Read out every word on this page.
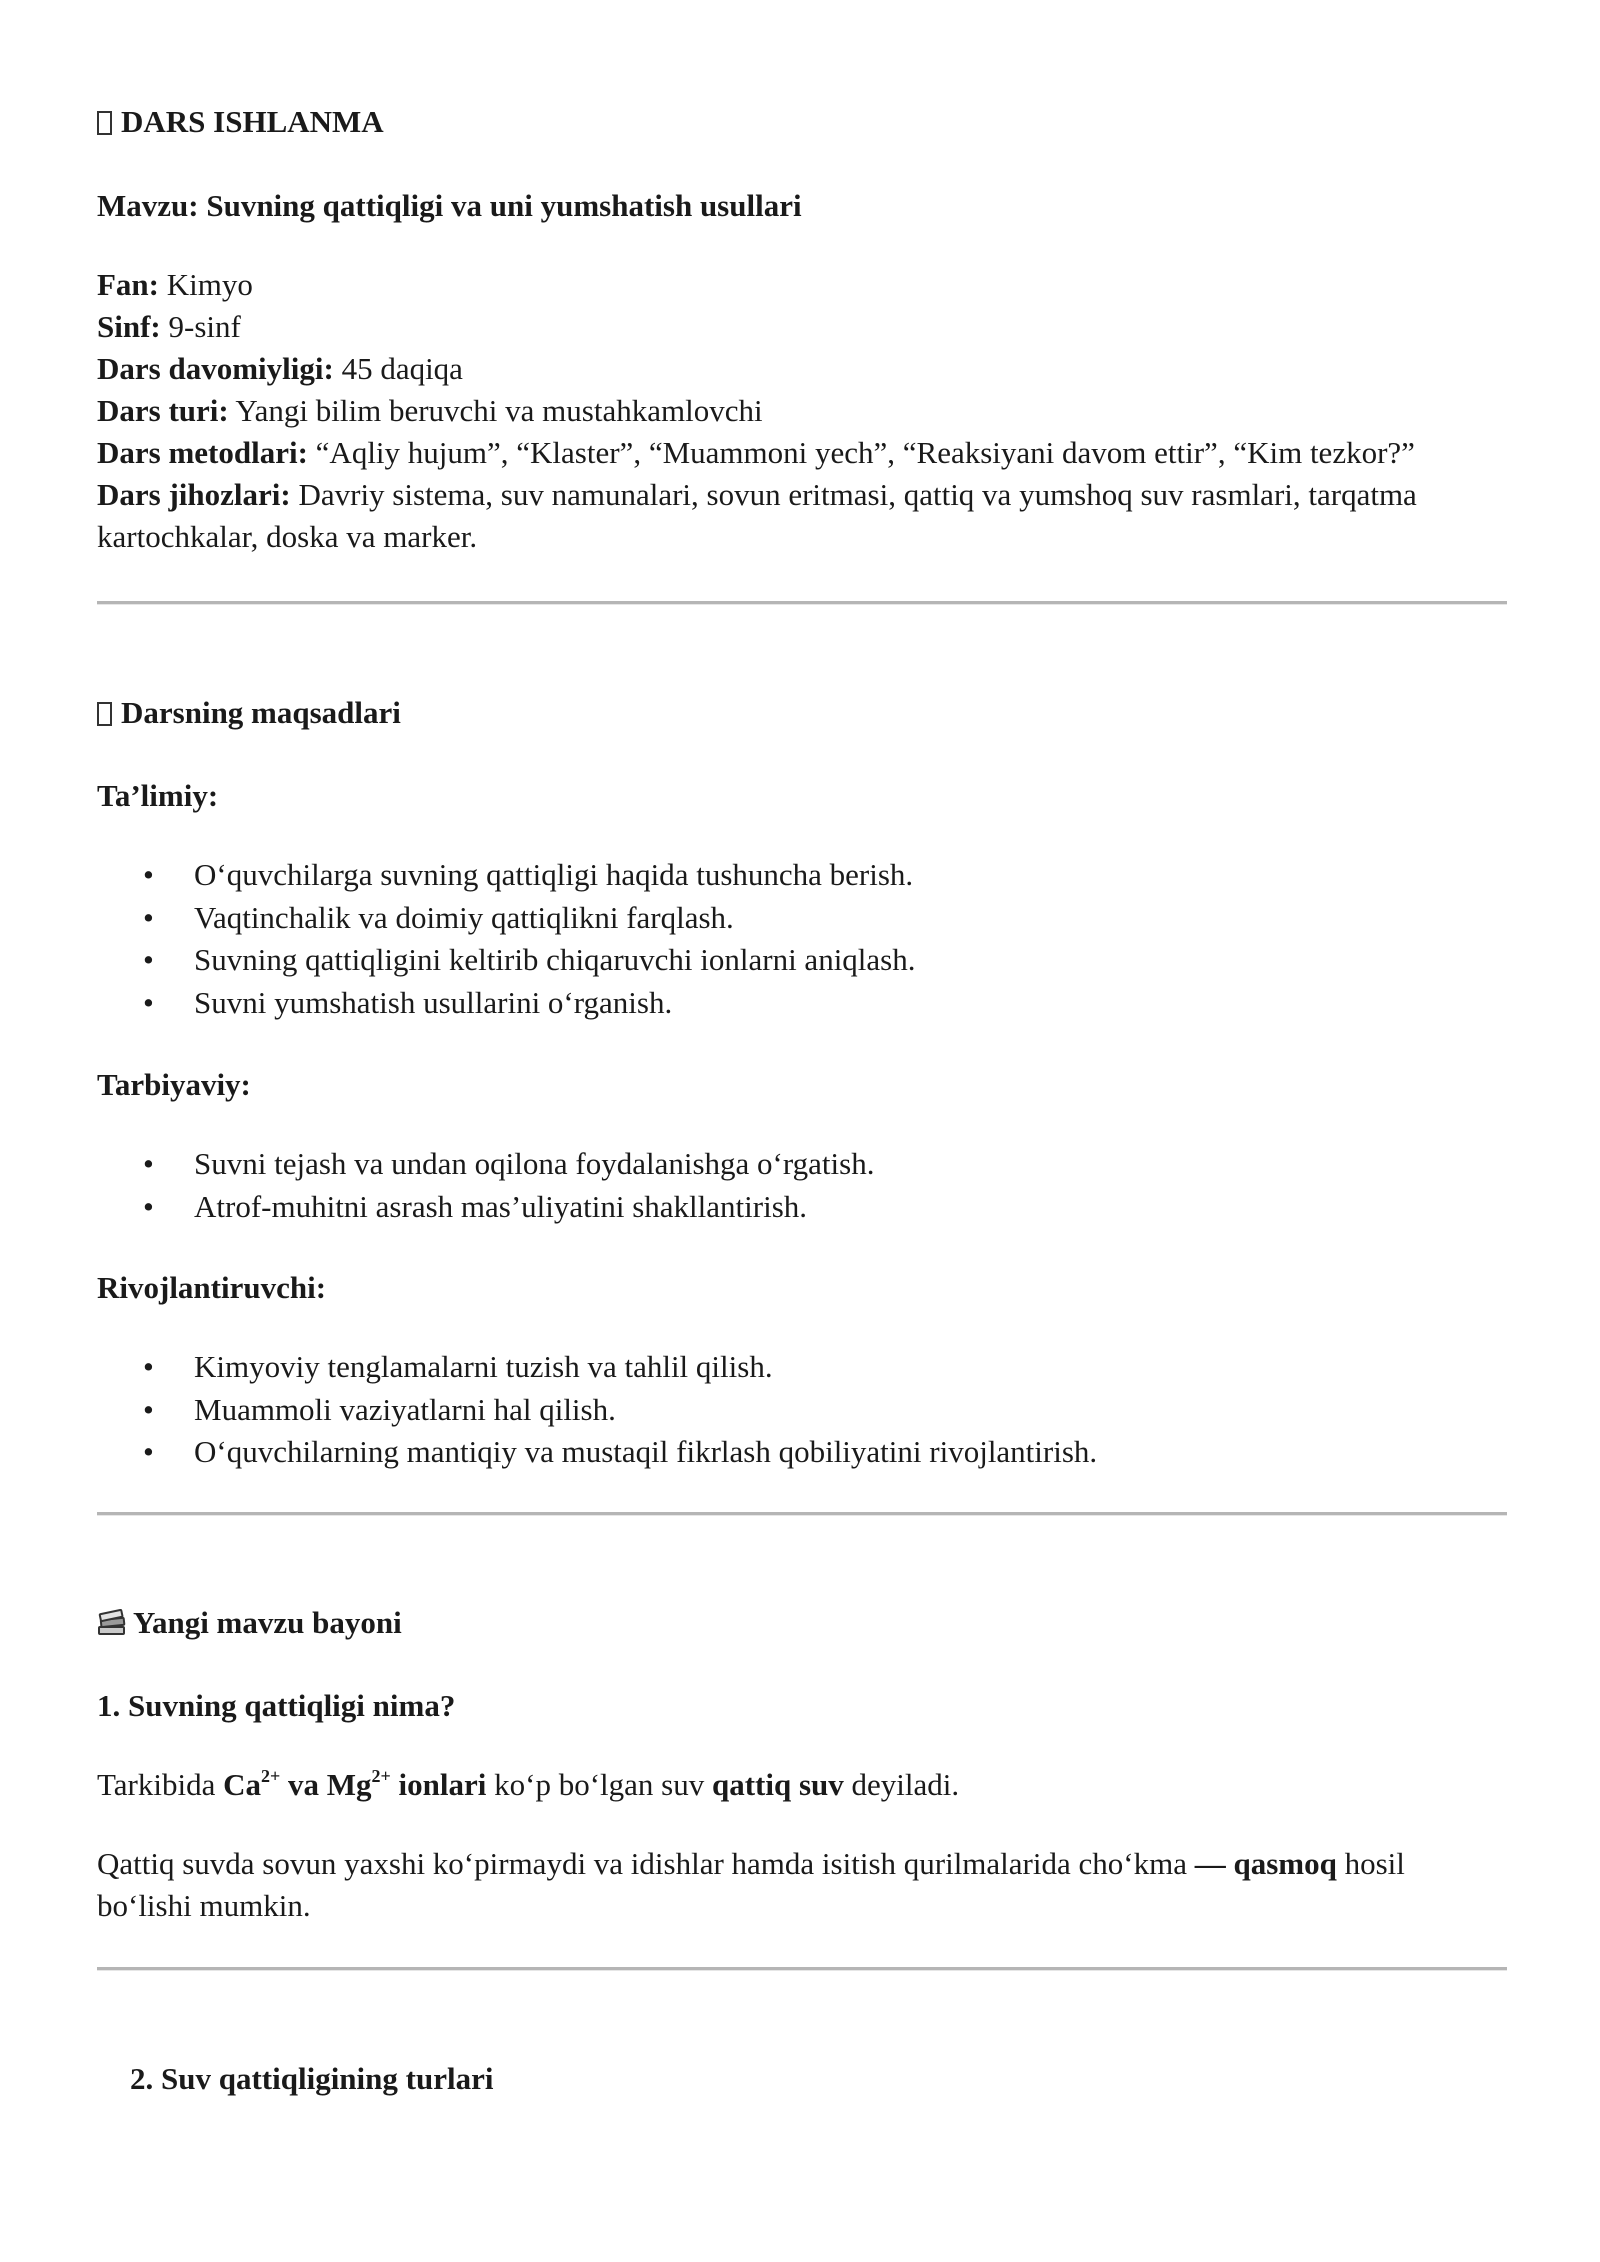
DARS ISHLANMA
Mavzu: Suvning qattiqligi va uni yumshatish usullari
Fan: Kimyo
Sinf: 9-sinf
Dars davomiyligi: 45 daqiqa
Dars turi: Yangi bilim beruvchi va mustahkamlovchi
Dars metodlari: “Aqliy hujum”, “Klaster”, “Muammoni yech”, “Reaksiyani davom ettir”, “Kim tezkor?”
Dars jihozlari: Davriy sistema, suv namunalari, sovun eritmasi, qattiq va yumshoq suv rasmlari, tarqatma
kartochkalar, doska va marker.
Darsning maqsadlari
Ta’limiy:
• O‘quvchilarga suvning qattiqligi haqida tushuncha berish.
• Vaqtinchalik va doimiy qattiqlikni farqlash.
• Suvning qattiqligini keltirib chiqaruvchi ionlarni aniqlash.
• Suvni yumshatish usullarini o‘rganish.
Tarbiyaviy:
• Suvni tejash va undan oqilona foydalanishga o‘rgatish.
• Atrof-muhitni asrash mas’uliyatini shakllantirish.
Rivojlantiruvchi:
• Kimyoviy tenglamalarni tuzish va tahlil qilish.
• Muammoli vaziyatlarni hal qilish.
• O‘quvchilarning mantiqiy va mustaqil fikrlash qobiliyatini rivojlantirish.
Yangi mavzu bayoni
1. Suvning qattiqligi nima?
Tarkibida $Ca^{2+}$ va $Mg^{2+}$ ionlari ko‘p bo‘lgan suv qattiq suv deyiladi.
Qattiq suvda sovun yaxshi ko‘pirmaydi va idishlar hamda isitish qurilmalarida cho‘kma — qasmoq hosil
bo‘lishi mumkin.
2. Suv qattiqligining turlari
